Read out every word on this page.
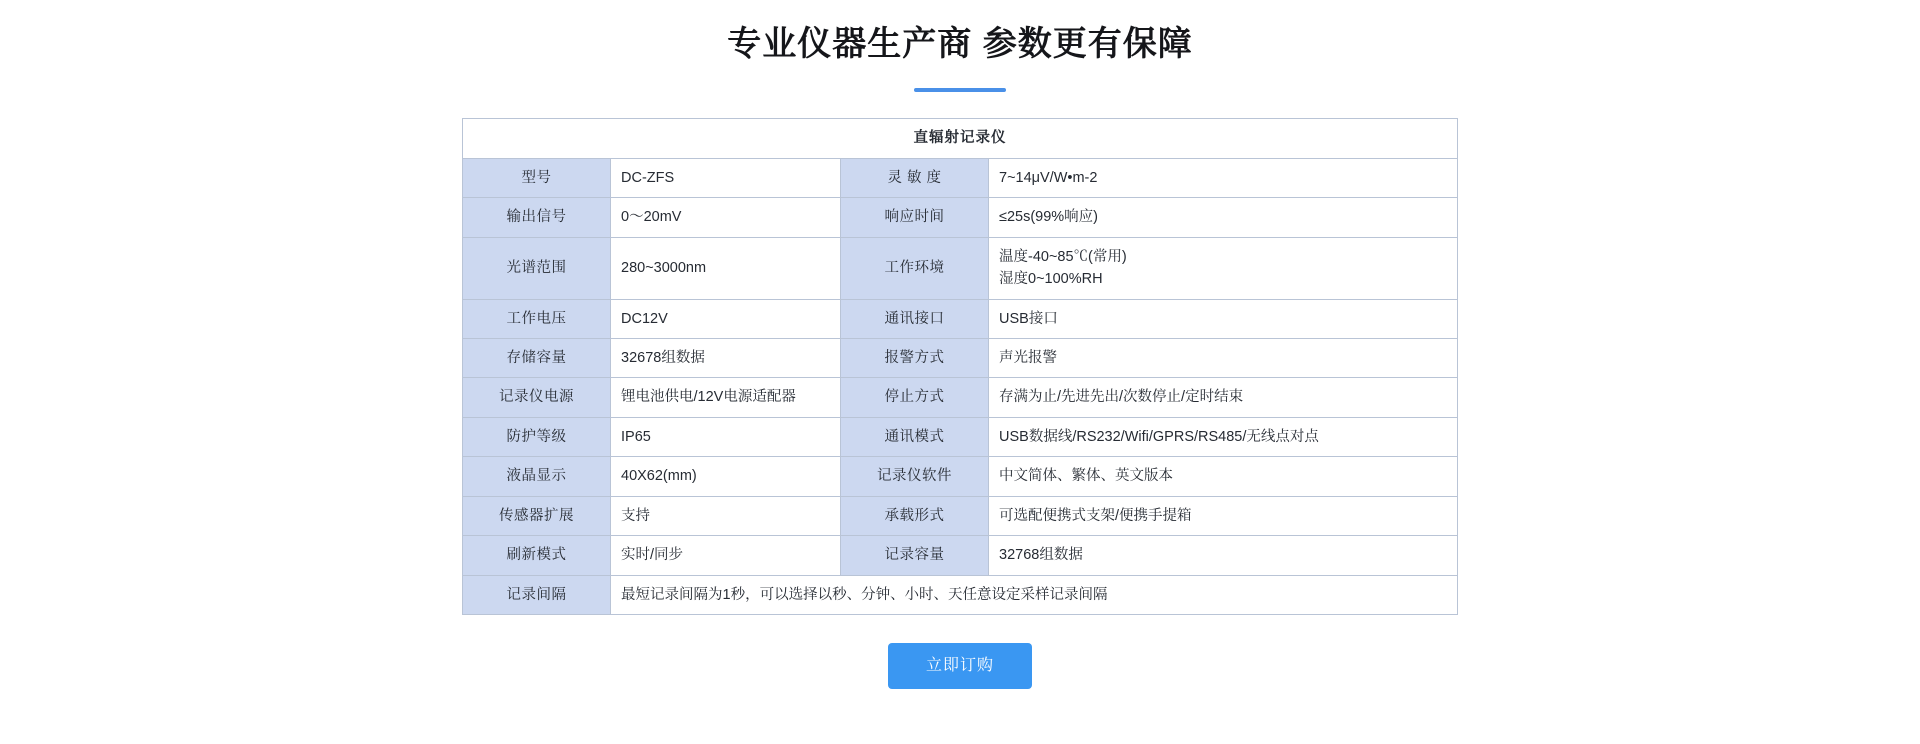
专业仪器生产商 参数更有保障
直辐射记录仪			
型号	DC-ZFS	灵 敏 度	7~14μV/W•m-2
输出信号	0～20mV	响应时间	≤25s(99%响应)
光谱范围	280~3000nm	工作环境	温度-40~85℃(常用)
湿度0~100%RH
工作电压	DC12V	通讯接口	USB接口
存储容量	32678组数据	报警方式	声光报警
记录仪电源	锂电池供电/12V电源适配器	停止方式	存满为止/先进先出/次数停止/定时结束
防护等级	IP65	通讯模式	USB数据线/RS232/Wifi/GPRS/RS485/无线点对点
液晶显示	40X62(mm)	记录仪软件	中文简体、繁体、英文版本
传感器扩展	支持	承载形式	可选配便携式支架/便携手提箱
刷新模式	实时/同步	记录容量	32768组数据
记录间隔	最短记录间隔为1秒，可以选择以秒、分钟、小时、天任意设定采样记录间隔		
立即订购
